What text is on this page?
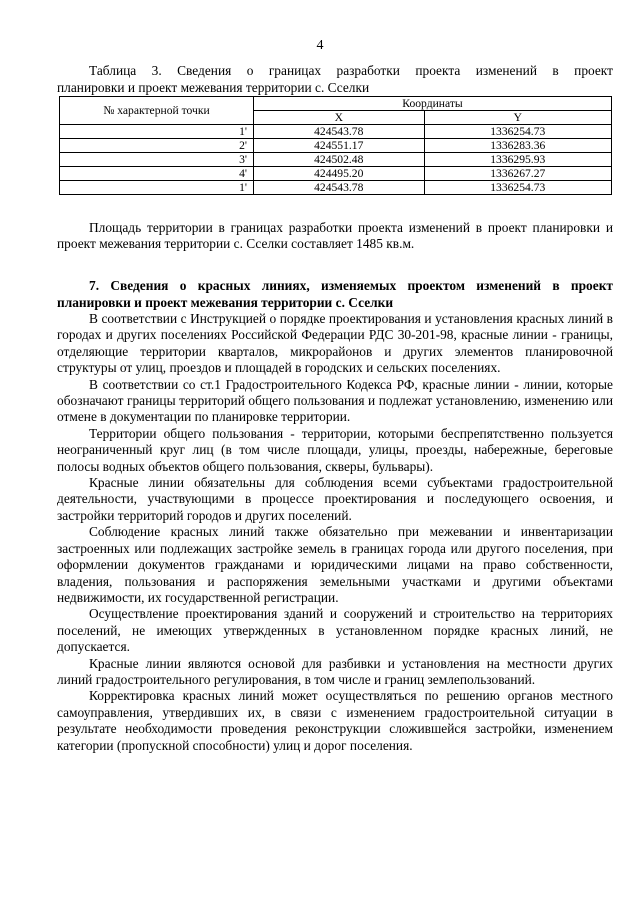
4
Таблица 3. Сведения о границах разработки проекта изменений в проект
планировки и проект межевания территории с. Сселки
№ характерной точки	Координаты	
	X	Y
1'	424543.78	1336254.73
2'	424551.17	1336283.36
3'	424502.48	1336295.93
4'	424495.20	1336267.27
1'	424543.78	1336254.73

Площадь территории в границах разработки проекта изменений в проект планировки и проект межевания территории с. Сселки составляет 1485 кв.м.

7. Сведения о красных линиях, изменяемых проектом изменений в проект планировки и проект межевания территории с. Сселки

В соответствии с Инструкцией о порядке проектирования и установления красных линий в городах и других поселениях Российской Федерации РДС 30-201-98, красные линии - границы, отделяющие территории кварталов, микрорайонов и других элементов планировочной структуры от улиц, проездов и площадей в городских и сельских поселениях.

В соответствии со ст.1 Градостроительного Кодекса РФ, красные линии - линии, которые обозначают границы территорий общего пользования и подлежат установлению, изменению или отмене в документации по планировке территории.

Территории общего пользования - территории, которыми беспрепятственно пользуется неограниченный круг лиц (в том числе площади, улицы, проезды, набережные, береговые полосы водных объектов общего пользования, скверы, бульвары).

Красные линии обязательны для соблюдения всеми субъектами градостроительной деятельности, участвующими в процессе проектирования и последующего освоения, и застройки территорий городов и других поселений.

Соблюдение красных линий также обязательно при межевании и инвентаризации застроенных или подлежащих застройке земель в границах города или другого поселения, при оформлении документов гражданами и юридическими лицами на право собственности, владения, пользования и распоряжения земельными участками и другими объектами недвижимости, их государственной регистрации.

Осуществление проектирования зданий и сооружений и строительство на территориях поселений, не имеющих утвержденных в установленном порядке красных линий, не допускается.

Красные линии являются основой для разбивки и установления на местности других линий градостроительного регулирования, в том числе и границ землепользований.

Корректировка красных линий может осуществляться по решению органов местного самоуправления, утвердивших их, в связи с изменением градостроительной ситуации в результате необходимости проведения реконструкции сложившейся застройки, изменением категории (пропускной способности) улиц и дорог поселения.
